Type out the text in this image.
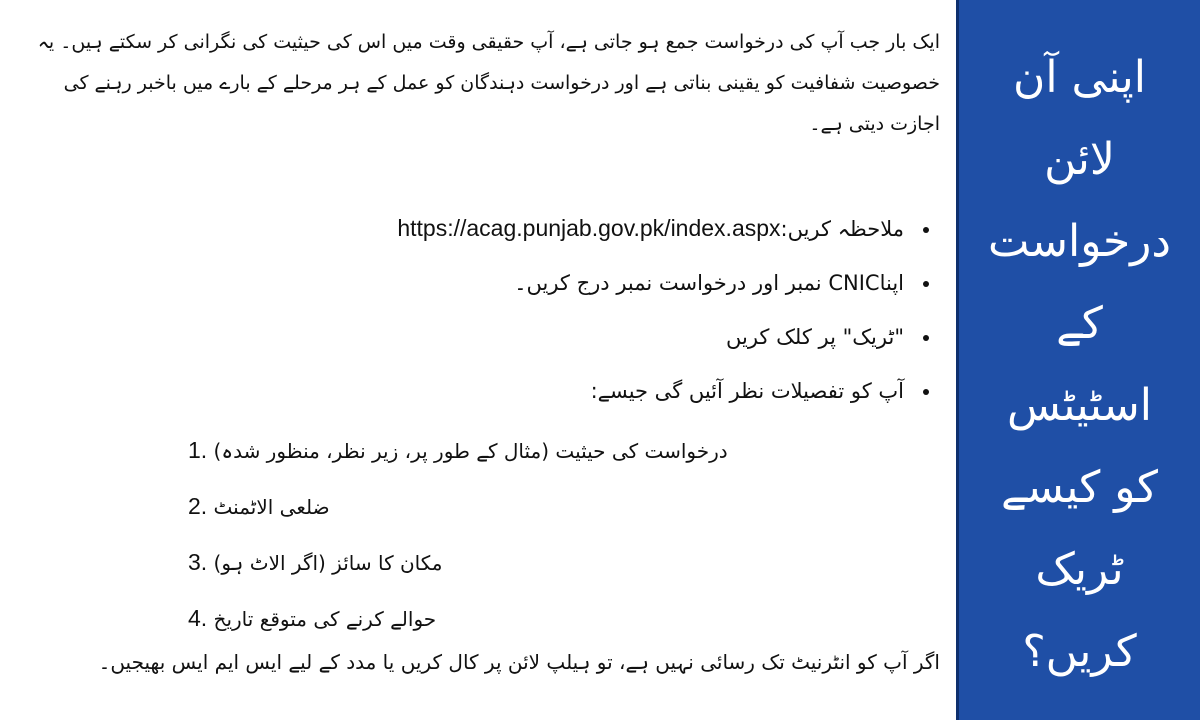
ایک بار جب آپ کی درخواست جمع ہو جاتی ہے، آپ حقیقی وقت میں اس کی حیثیت کی نگرانی کر سکتے ہیں۔ یہ خصوصیت شفافیت کو یقینی بناتی ہے اور درخواست دہندگان کو عمل کے ہر مرحلے کے بارے میں باخبر رہنے کی اجازت دیتی ہے۔

• ملاحظہ کریں:https://acag.punjab.gov.pk/index.aspx
• اپناCNIC نمبر اور درخواست نمبر درج کریں۔
• "ٹریک" پر کلک کریں
• آپ کو تفصیلات نظر آئیں گی جیسے:
1. درخواست کی حیثیت (مثال کے طور پر، زیر نظر، منظور شدہ)
2. ضلعی الاٹمنٹ
3. مکان کا سائز (اگر الاٹ ہو)
4. حوالے کرنے کی متوقع تاریخ

اگر آپ کو انٹرنیٹ تک رسائی نہیں ہے، تو ہیلپ لائن پر کال کریں یا مدد کے لیے ایس ایم ایس بھیجیں۔

اپنی آن لائن درخواست کے اسٹیٹس کو کیسے ٹریک کریں؟
